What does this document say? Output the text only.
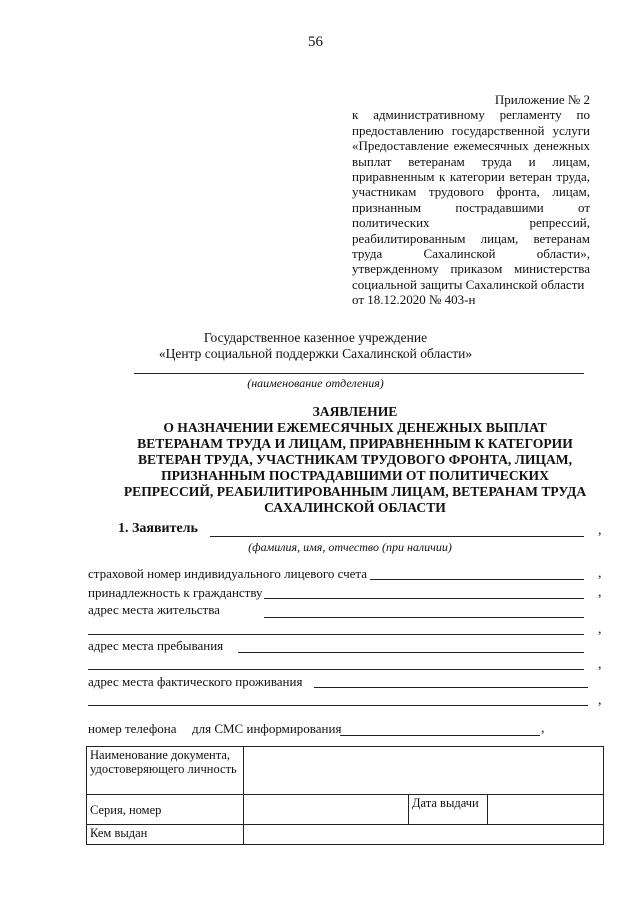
56
Приложение № 2
к административному регламенту по
предоставлению государственной услуги
«Предоставление ежемесячных денежных
выплат ветеранам труда и лицам,
приравненным к категории ветеран труда,
участникам трудового фронта, лицам,
признанным пострадавшими от
политических репрессий,
реабилитированным лицам, ветеранам
труда Сахалинской области»,
утвержденному приказом министерства
социальной защиты Сахалинской области
от 18.12.2020 № 403-н
Государственное казенное учреждение
«Центр социальной поддержки Сахалинской области»
(наименование отделения)
ЗАЯВЛЕНИЕ
О НАЗНАЧЕНИИ ЕЖЕМЕСЯЧНЫХ ДЕНЕЖНЫХ ВЫПЛАТ
ВЕТЕРАНАМ ТРУДА И ЛИЦАМ, ПРИРАВНЕННЫМ К КАТЕГОРИИ
ВЕТЕРАН ТРУДА, УЧАСТНИКАМ ТРУДОВОГО ФРОНТА, ЛИЦАМ,
ПРИЗНАННЫМ ПОСТРАДАВШИМИ ОТ ПОЛИТИЧЕСКИХ
РЕПРЕССИЙ, РЕАБИЛИТИРОВАННЫМ ЛИЦАМ, ВЕТЕРАНАМ ТРУДА
САХАЛИНСКОЙ ОБЛАСТИ
1. Заявитель	,
(фамилия, имя, отчество (при наличии)
страховой номер индивидуального лицевого счета	,
принадлежность к гражданству	,
адрес места жительства
,
адрес места пребывания
,
адрес места фактического проживания
,
номер телефона для СМС информирования	,
Наименование документа, удостоверяющего личность			
Серия, номер		Дата выдачи	
Кем выдан			
